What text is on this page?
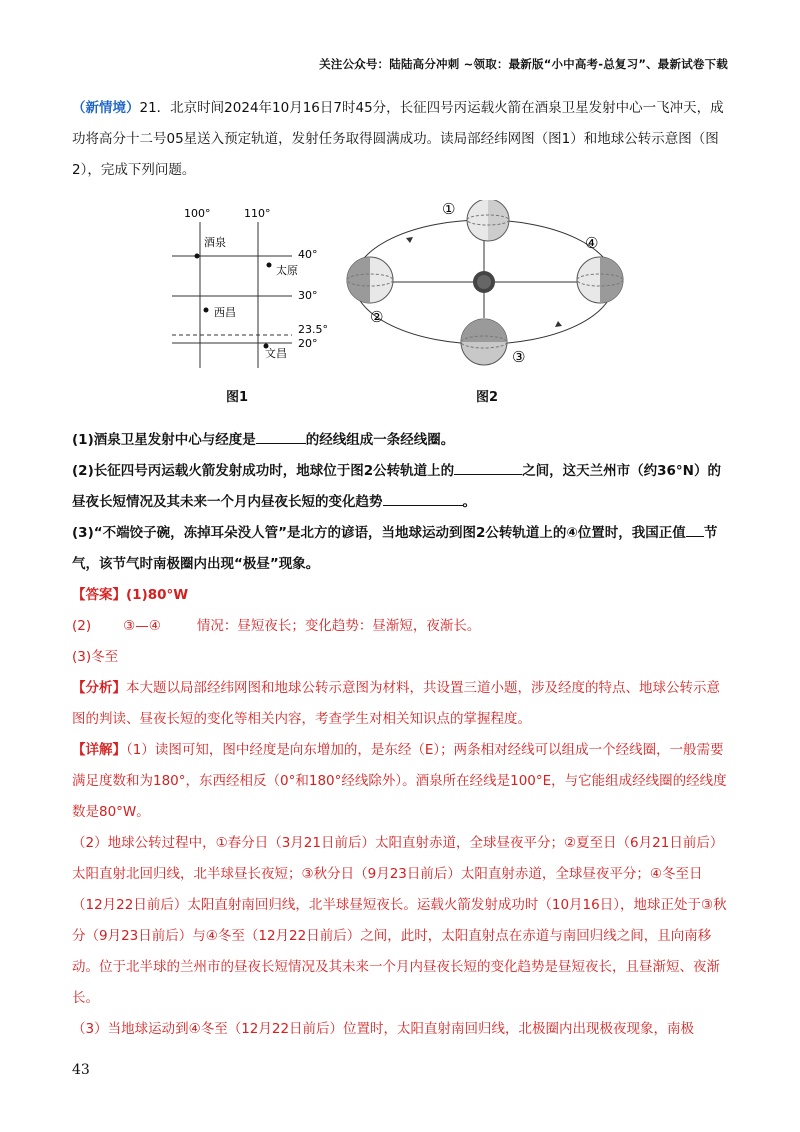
关注公众号：陆陆高分冲刺 ~领取：最新版“小中高考-总复习”、最新试卷下载
（新情境）21．北京时间2024年10月16日7时45分，长征四号丙运载火箭在酒泉卫星发射中心一飞冲天，成功将高分十二号05星送入预定轨道，发射任务取得圆满成功。读局部经纬网图（图1）和地球公转示意图（图2），完成下列问题。
100°	110°
40°
30°
23.5°
20°
酒泉
太原
西昌
文昌
①
②
③
④
图1	图2
(1)酒泉卫星发射中心与经度是	的经线组成一条经线圈。
(2)长征四号丙运载火箭发射成功时，地球位于图2公转轨道上的	之间，这天兰州市（约36°N）的昼夜长短情况及其未来一个月内昼夜长短的变化趋势	。
(3)“不端饺子碗，冻掉耳朵没人管”是北方的谚语，当地球运动到图2公转轨道上的④位置时，我国正值 节气，该节气时南极圈内出现“极昼”现象。
【答案】(1)80°W
(2) ③—④	情况：昼短夜长；变化趋势：昼渐短，夜渐长。
(3)冬至
【分析】本大题以局部经纬网图和地球公转示意图为材料，共设置三道小题，涉及经度的特点、地球公转示意图的判读、昼夜长短的变化等相关内容，考查学生对相关知识点的掌握程度。
【详解】（1）读图可知，图中经度是向东增加的，是东经（E）；两条相对经线可以组成一个经线圈，一般需要满足度数和为180°，东西经相反（0°和180°经线除外）。酒泉所在经线是100°E，与它能组成经线圈的经线度数是80°W。
（2）地球公转过程中，①春分日（3月21日前后）太阳直射赤道，全球昼夜平分；②夏至日（6月21日前后）太阳直射北回归线，北半球昼长夜短；③秋分日（9月23日前后）太阳直射赤道，全球昼夜平分；④冬至日（12月22日前后）太阳直射南回归线，北半球昼短夜长。运载火箭发射成功时（10月16日），地球正处于③秋分（9月23日前后）与④冬至（12月22日前后）之间，此时，太阳直射点在赤道与南回归线之间，且向南移动。位于北半球的兰州市的昼夜长短情况及其未来一个月内昼夜长短的变化趋势是昼短夜长，且昼渐短、夜渐长。
（3）当地球运动到④冬至（12月22日前后）位置时，太阳直射南回归线，北极圈内出现极夜现象，南极
43
